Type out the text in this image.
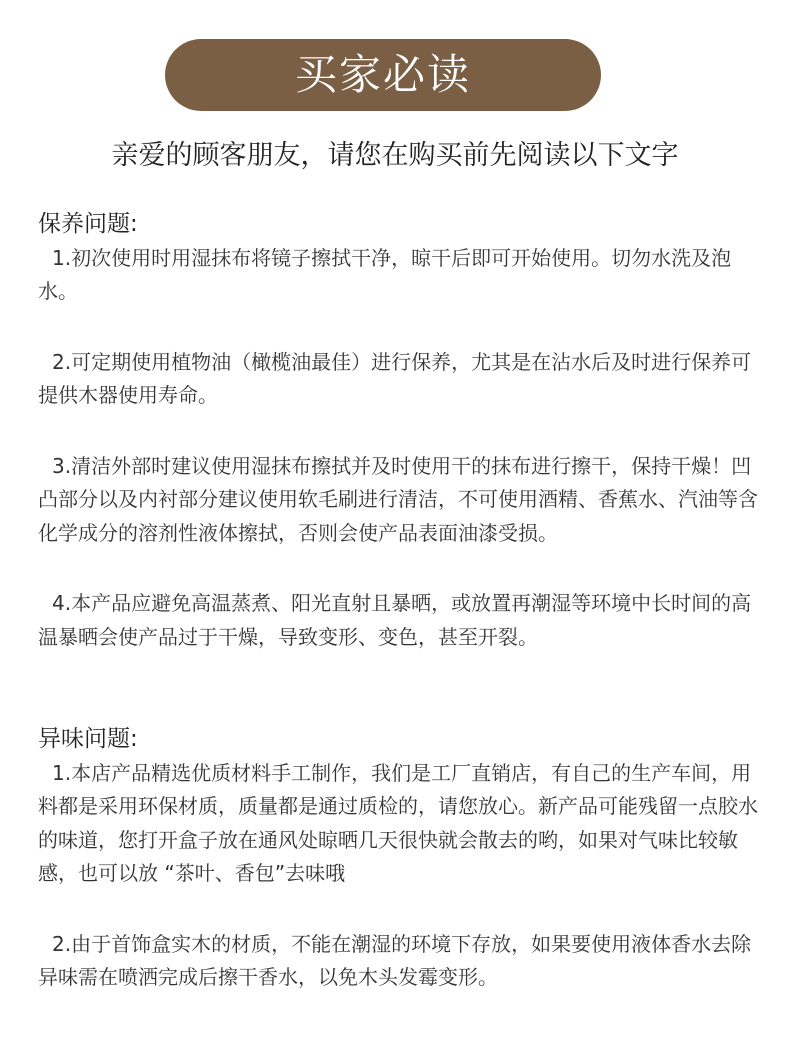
买家必读
亲爱的顾客朋友，请您在购买前先阅读以下文字
保养问题:

1.初次使用时用湿抹布将镜子擦拭干净，晾干后即可开始使用。切勿水洗及泡水。

2.可定期使用植物油（橄榄油最佳）进行保养，尤其是在沾水后及时进行保养可提供木器使用寿命。

3.清洁外部时建议使用湿抹布擦拭并及时使用干的抹布进行擦干，保持干燥！凹凸部分以及内衬部分建议使用软毛刷进行清洁，不可使用酒精、香蕉水、汽油等含化学成分的溶剂性液体擦拭，否则会使产品表面油漆受损。

4.本产品应避免高温蒸煮、阳光直射且暴晒，或放置再潮湿等环境中长时间的高温暴晒会使产品过于干燥，导致变形、变色，甚至开裂。

异味问题:

1.本店产品精选优质材料手工制作，我们是工厂直销店，有自己的生产车间，用料都是采用环保材质，质量都是通过质检的，请您放心。新产品可能残留一点胶水的味道，您打开盒子放在通风处晾晒几天很快就会散去的哟，如果对气味比较敏感，也可以放 “茶叶、香包”去味哦

2.由于首饰盒实木的材质，不能在潮湿的环境下存放，如果要使用液体香水去除异味需在喷洒完成后擦干香水，以免木头发霉变形。
